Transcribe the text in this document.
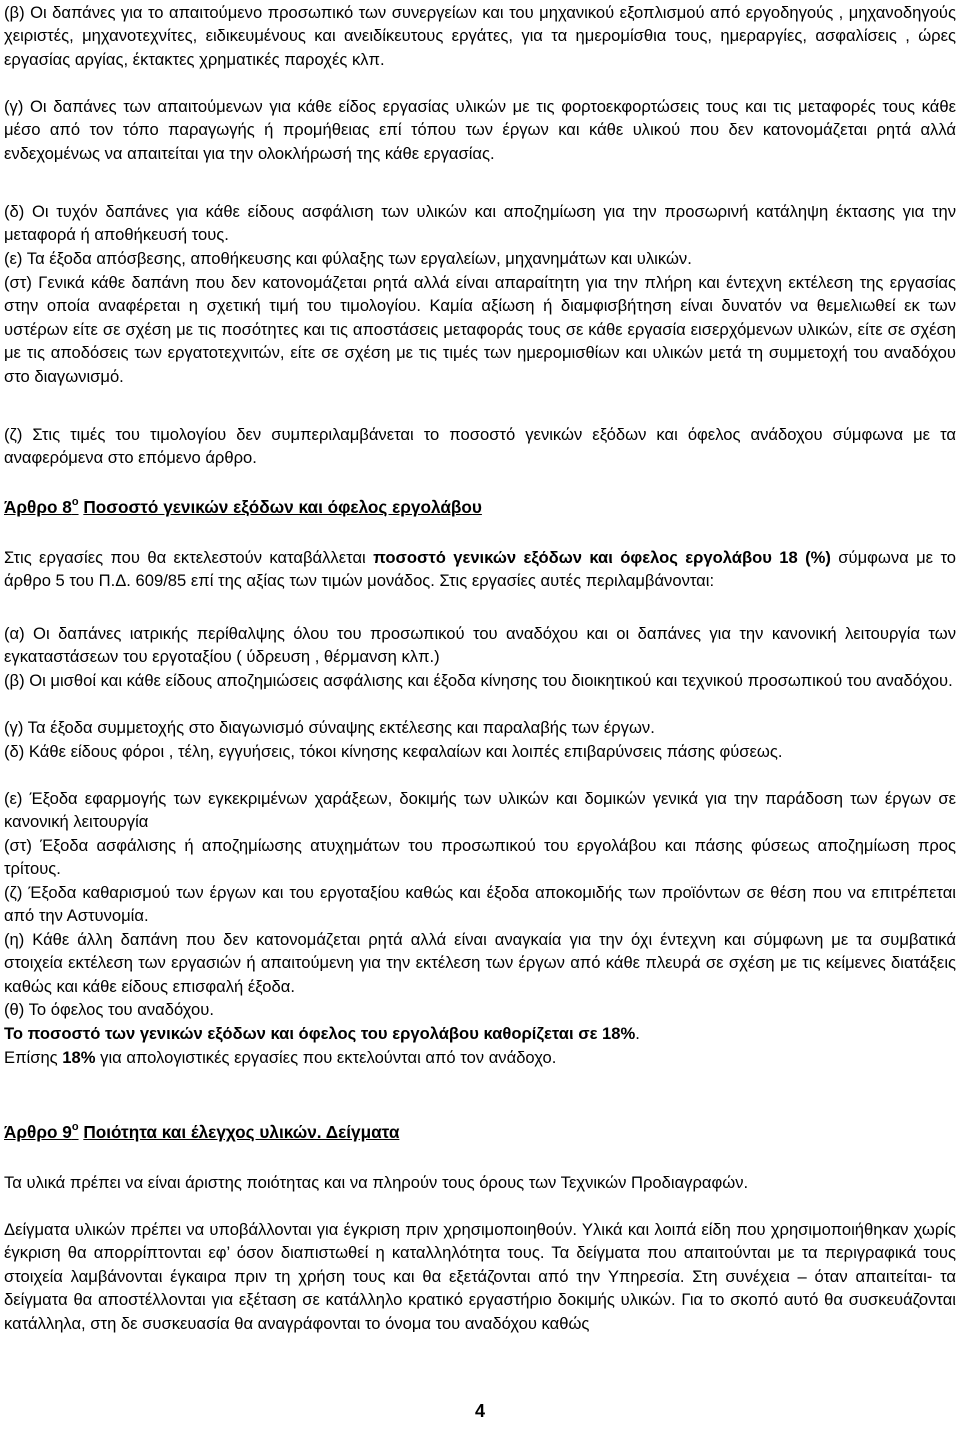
(β) Οι δαπάνες για το απαιτούμενο προσωπικό των συνεργείων και του μηχανικού εξοπλισμού από εργοδηγούς , μηχανοδηγούς χειριστές, μηχανοτεχνίτες, ειδικευμένους και ανειδίκευτους εργάτες, για τα ημερομίσθια τους, ημεραργίες, ασφαλίσεις , ώρες εργασίας αργίας, έκτακτες χρηματικές παροχές κλπ.

(γ) Οι δαπάνες των απαιτούμενων για κάθε είδος εργασίας υλικών με τις φορτοεκφορτώσεις τους και τις μεταφορές τους κάθε μέσο από τον τόπο παραγωγής ή προμήθειας επί τόπου των έργων και κάθε υλικού που δεν κατονομάζεται ρητά αλλά ενδεχομένως να απαιτείται για την ολοκλήρωσή της κάθε εργασίας.

(δ) Οι τυχόν δαπάνες για κάθε είδους ασφάλιση των υλικών και αποζημίωση για την προσωρινή κατάληψη έκτασης για την μεταφορά ή αποθήκευσή τους.

(ε) Τα έξοδα απόσβεσης, αποθήκευσης και φύλαξης των εργαλείων, μηχανημάτων και υλικών.

(στ) Γενικά κάθε δαπάνη που δεν κατονομάζεται ρητά αλλά είναι απαραίτητη για την πλήρη και έντεχνη εκτέλεση της εργασίας στην οποία αναφέρεται η σχετική τιμή του τιμολογίου. Καμία αξίωση ή διαμφισβήτηση είναι δυνατόν να θεμελιωθεί εκ των υστέρων είτε σε σχέση με τις ποσότητες και τις αποστάσεις μεταφοράς τους σε κάθε εργασία εισερχόμενων υλικών, είτε σε σχέση με τις αποδόσεις των εργατοτεχνιτών, είτε σε σχέση με τις τιμές των ημερομισθίων και υλικών μετά τη συμμετοχή του αναδόχου στο διαγωνισμό.

(ζ) Στις τιμές του τιμολογίου δεν συμπεριλαμβάνεται το ποσοστό γενικών εξόδων και όφελος ανάδοχου σύμφωνα με τα αναφερόμενα στο επόμενο άρθρο.

Άρθρο $8^o$ Ποσοστό γενικών εξόδων και όφελος εργολάβου

Στις εργασίες που θα εκτελεστούν καταβάλλεται ποσοστό γενικών εξόδων και όφελος εργολάβου 18 (%) σύμφωνα με το άρθρο 5 του Π.Δ. 609/85 επί της αξίας των τιμών μονάδος. Στις εργασίες αυτές περιλαμβάνονται:

(α) Οι δαπάνες ιατρικής περίθαλψης όλου του προσωπικού του αναδόχου και οι δαπάνες για την κανονική λειτουργία των εγκαταστάσεων του εργοταξίου ( ύδρευση , θέρμανση κλπ.)

(β) Οι μισθοί και κάθε είδους αποζημιώσεις ασφάλισης και έξοδα κίνησης του διοικητικού και τεχνικού προσωπικού του αναδόχου.

(γ) Τα έξοδα συμμετοχής στο διαγωνισμό σύναψης εκτέλεσης και παραλαβής των έργων.

(δ) Κάθε είδους φόροι , τέλη, εγγυήσεις, τόκοι κίνησης κεφαλαίων και λοιπές επιβαρύνσεις πάσης φύσεως.

(ε) Έξοδα εφαρμογής των εγκεκριμένων χαράξεων, δοκιμής των υλικών και δομικών γενικά για την παράδοση των έργων σε κανονική λειτουργία

(στ) Έξοδα ασφάλισης ή αποζημίωσης ατυχημάτων του προσωπικού του εργολάβου και πάσης φύσεως αποζημίωση προς τρίτους.

(ζ) Έξοδα καθαρισμού των έργων και του εργοταξίου καθώς και έξοδα αποκομιδής των προϊόντων σε θέση που να επιτρέπεται από την Αστυνομία.

(η) Κάθε άλλη δαπάνη που δεν κατονομάζεται ρητά αλλά είναι αναγκαία για την όχι έντεχνη και σύμφωνη με τα συμβατικά στοιχεία εκτέλεση των εργασιών ή απαιτούμενη για την εκτέλεση των έργων από κάθε πλευρά σε σχέση με τις κείμενες διατάξεις καθώς και κάθε είδους επισφαλή έξοδα.

(θ) Το όφελος του αναδόχου.

Το ποσοστό των γενικών εξόδων και όφελος του εργολάβου καθορίζεται σε 18%.

Επίσης 18% για απολογιστικές εργασίες που εκτελούνται από τον ανάδοχο.

Άρθρο $9^o$ Ποιότητα και έλεγχος υλικών. Δείγματα

Τα υλικά πρέπει να είναι άριστης ποιότητας και να πληρούν τους όρους των Τεχνικών Προδιαγραφών.

Δείγματα υλικών πρέπει να υποβάλλονται για έγκριση πριν χρησιμοποιηθούν. Υλικά και λοιπά είδη που χρησιμοποιήθηκαν χωρίς έγκριση θα απορρίπτονται εφ’ όσον διαπιστωθεί η καταλληλότητα τους. Τα δείγματα που απαιτούνται με τα περιγραφικά τους στοιχεία λαμβάνονται έγκαιρα πριν τη χρήση τους και θα εξετάζονται από την Υπηρεσία. Στη συνέχεια – όταν απαιτείται- τα δείγματα θα αποστέλλονται για εξέταση σε κατάλληλο κρατικό εργαστήριο δοκιμής υλικών. Για το σκοπό αυτό θα συσκευάζονται κατάλληλα, στη δε συσκευασία θα αναγράφονται το όνομα του αναδόχου καθώς

4
